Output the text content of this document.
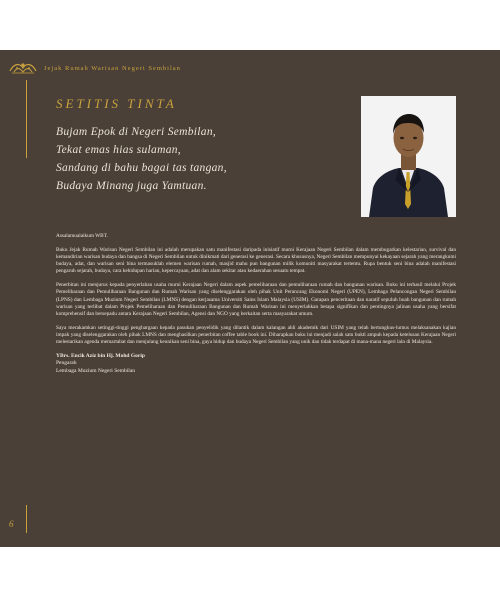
Jejak Rumah Warisan Negeri Sembilan
SETITIS TINTA
Bujam Epok di Negeri Sembilan,
Tekat emas hias sulaman,
Sandang di bahu bagai tas tangan,
Budaya Minang juga Yamtuan.

Assalamualaikum WBT.

Buku Jejak Rumah Warisan Negeri Sembilan ini adalah merupakan satu manifestasi daripada inisiatif murni Kerajaan Negeri Sembilan dalam membugarkan kelestarian, survival dan kemandirian warisan budaya dan bangsa di Negeri Sembilan untuk dinikmati dari generasi ke generasi. Secara khususnya, Negeri Sembilan mempunyai kekayaan sejarah yang merangkumi budaya, adat, dan warisan seni bina termasuklah elemen warisan rumah, masjid mahu pun bangunan milik komuniti masyarakat tertentu. Rupa bentuk seni bina adalah manifestasi pengaruh sejarah, budaya, cara kehidupan harian, kepercayaan, adat dan alam sekitar atau kedaerahan sesuatu tempat.

Penerbitan ini menjurus kepada penyerlahan usaha murni Kerajaan Negeri dalam aspek pemeliharaan dan pemuliharaan rumah dan bangunan warisan. Buku ini terhasil melalui Projek Pemeliharaan dan Pemuliharaan Bangunan dan Rumah Warisan yang diselenggarakan oleh pihak Unit Perancang Ekonomi Negeri (UPEN), Lembaga Pelancongan Negeri Sembilan (LPNS) dan Lembaga Muzium Negeri Sembilan (LMNS) dengan kerjasama Universiti Sains Islam Malaysia (USIM). Garapan penceritaan dan naratif sepuluh buah bangunan dan rumah warisan yang terlibat dalam Projek Pemeliharaan dan Pemuliharaan Bangunan dan Rumah Warisan ini menyerlahkan betapa signifikan dan pentingnya jalinan usaha yang bersifat komprehensif dan bersepadu antara Kerajaan Negeri Sembilan, Agensi dan NGO yang berkaitan serta masyarakat umum.

Saya merakamkan setinggi-tinggi penghargaan kepada pasukan penyelidik yang dilantik dalam kalangan ahli akademik dari USIM yang telah bertungkus-lumus melaksanakan kajian impak yang diselenggarakan oleh pihak LMNS dan menghasilkan penerbitan coffee table book ini. Diharapkan buku ini menjadi salah satu bukti ampuh kepada ketelusan Kerajaan Negeri melestarikan agenda memartabat dan menjulang keunikan seni bina, gaya hidup dan budaya Negeri Sembilan yang unik dan tidak terdapat di mana-mana negeri lain di Malaysia.

YBrs. Encik Aziz bin Hj. Mohd Gorip
Pengarah
Lembaga Muzium Negeri Sembilan
6
